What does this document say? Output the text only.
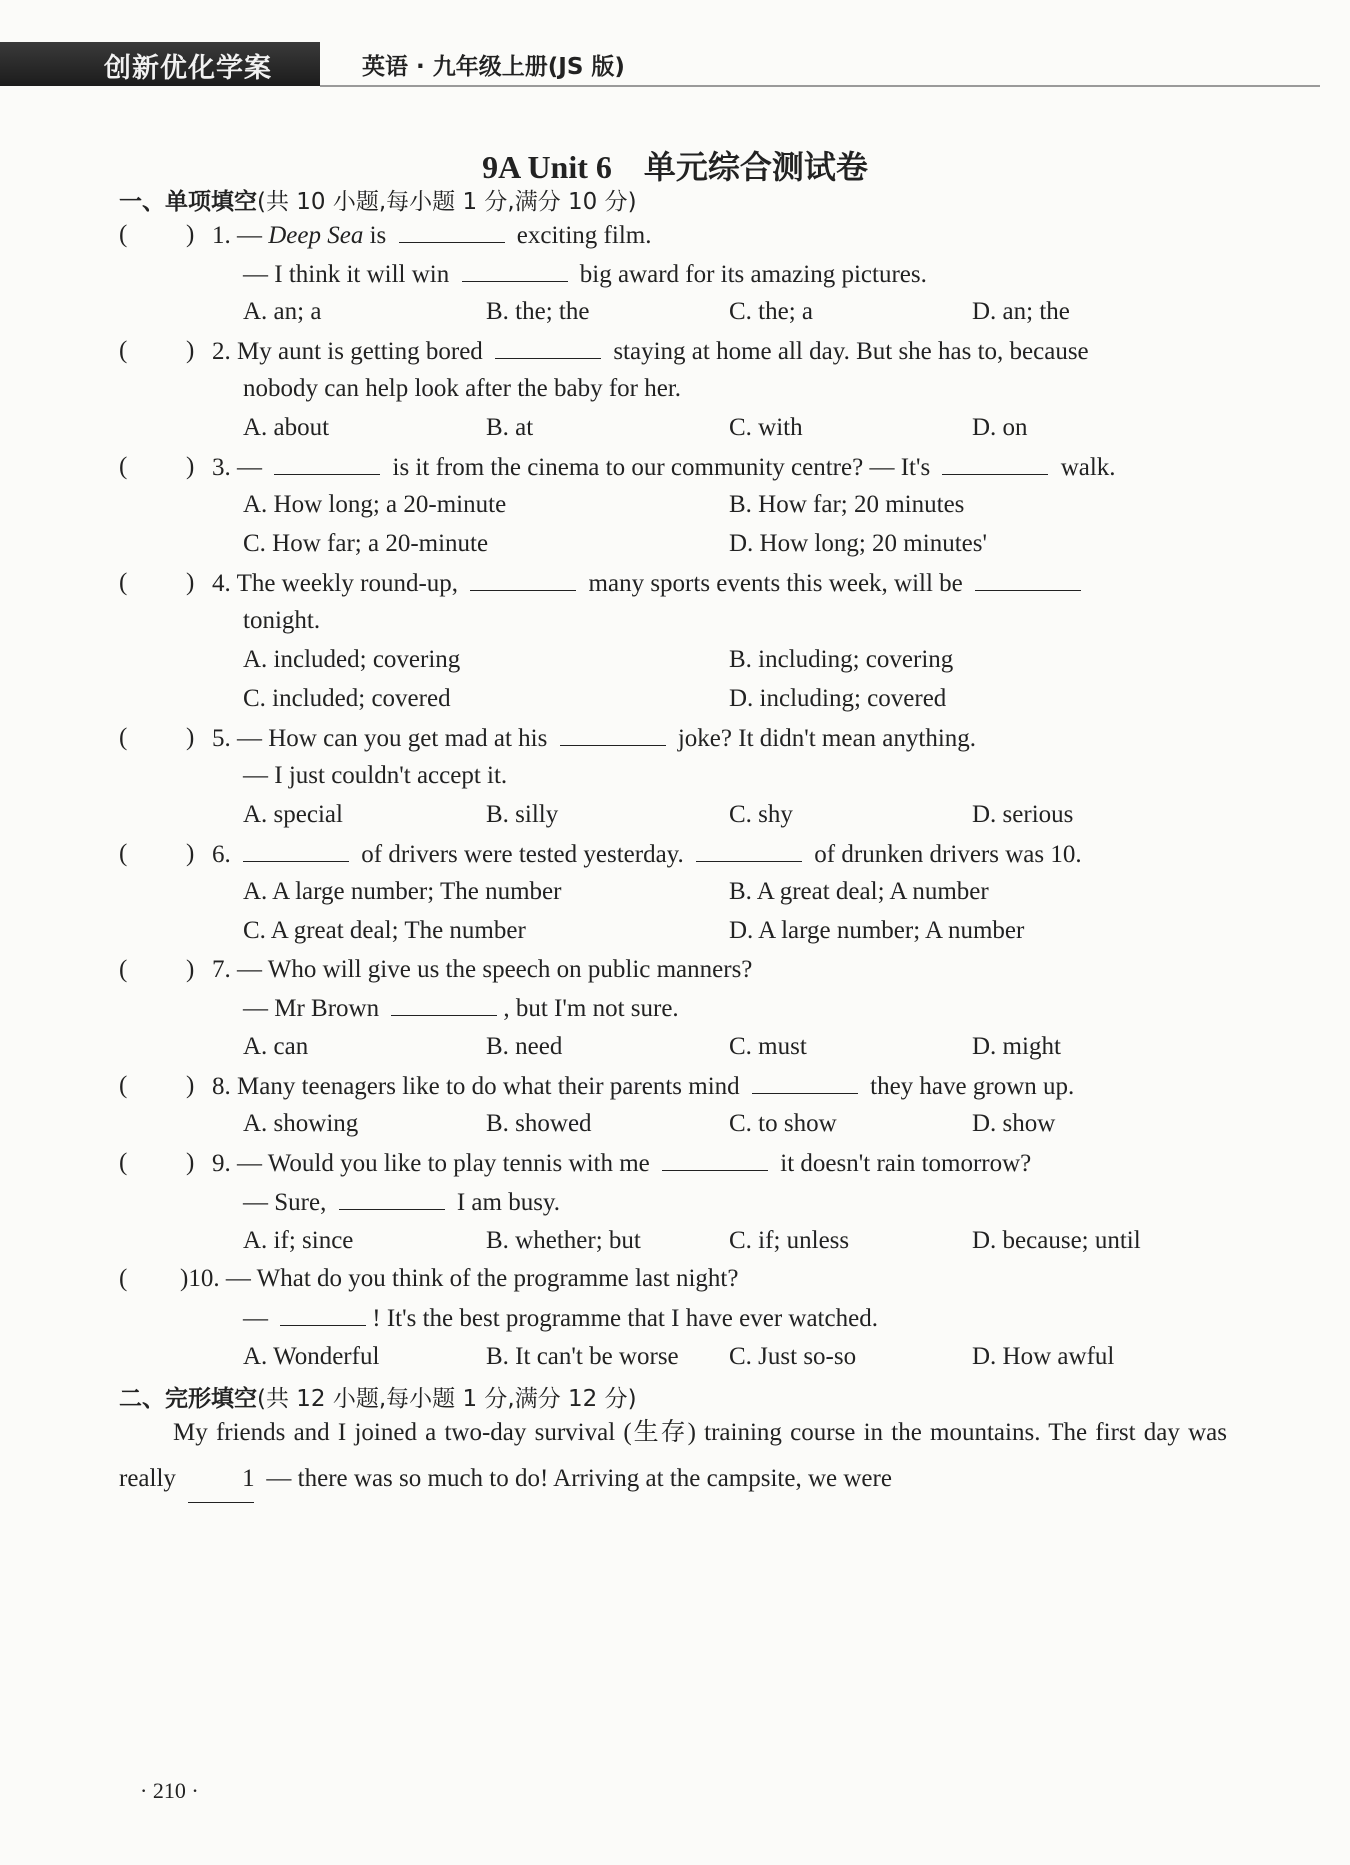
创新优化学案	英语 · 九年级上册(JS 版)
9A Unit 6　单元综合测试卷
一、单项填空(共 10 小题,每小题 1 分,满分 10 分)
( ) 1. — Deep Sea is	exciting film.
— I think it will win	big award for its amazing pictures.
A. an; a	B. the; the	C. the; a	D. an; the
( ) 2. My aunt is getting bored	staying at home all day. But she has to, because
nobody can help look after the baby for her.
A. about	B. at	C. with	D. on
( ) 3. —	is it from the cinema to our community centre? — It's	walk.
A. How long; a 20-minute	B. How far; 20 minutes
C. How far; a 20-minute	D. How long; 20 minutes'
( ) 4. The weekly round-up,	many sports events this week, will be
tonight.
A. included; covering	B. including; covering
C. included; covered	D. including; covered
( ) 5. — How can you get mad at his	joke? It didn't mean anything.
— I just couldn't accept it.
A. special	B. silly	C. shy	D. serious
( ) 6.	of drivers were tested yesterday.	of drunken drivers was 10.
A. A large number; The number	B. A great deal; A number
C. A great deal; The number	D. A large number; A number
( ) 7. — Who will give us the speech on public manners?
— Mr Brown	, but I'm not sure.
A. can	B. need	C. must	D. might
( ) 8. Many teenagers like to do what their parents mind	they have grown up.
A. showing	B. showed	C. to show	D. show
( ) 9. — Would you like to play tennis with me	it doesn't rain tomorrow?
— Sure,	I am busy.
A. if; since	B. whether; but	C. if; unless	D. because; until
( )10. — What do you think of the programme last night?
—	! It's the best programme that I have ever watched.
A. Wonderful	B. It can't be worse C. Just so-so	D. How awful
二、完形填空(共 12 小题,每小题 1 分,满分 12 分)
My friends and I joined a two-day survival (生存) training course in the mountains. The first day was really	1 — there was so much to do! Arriving at the campsite, we were
· 210 ·
